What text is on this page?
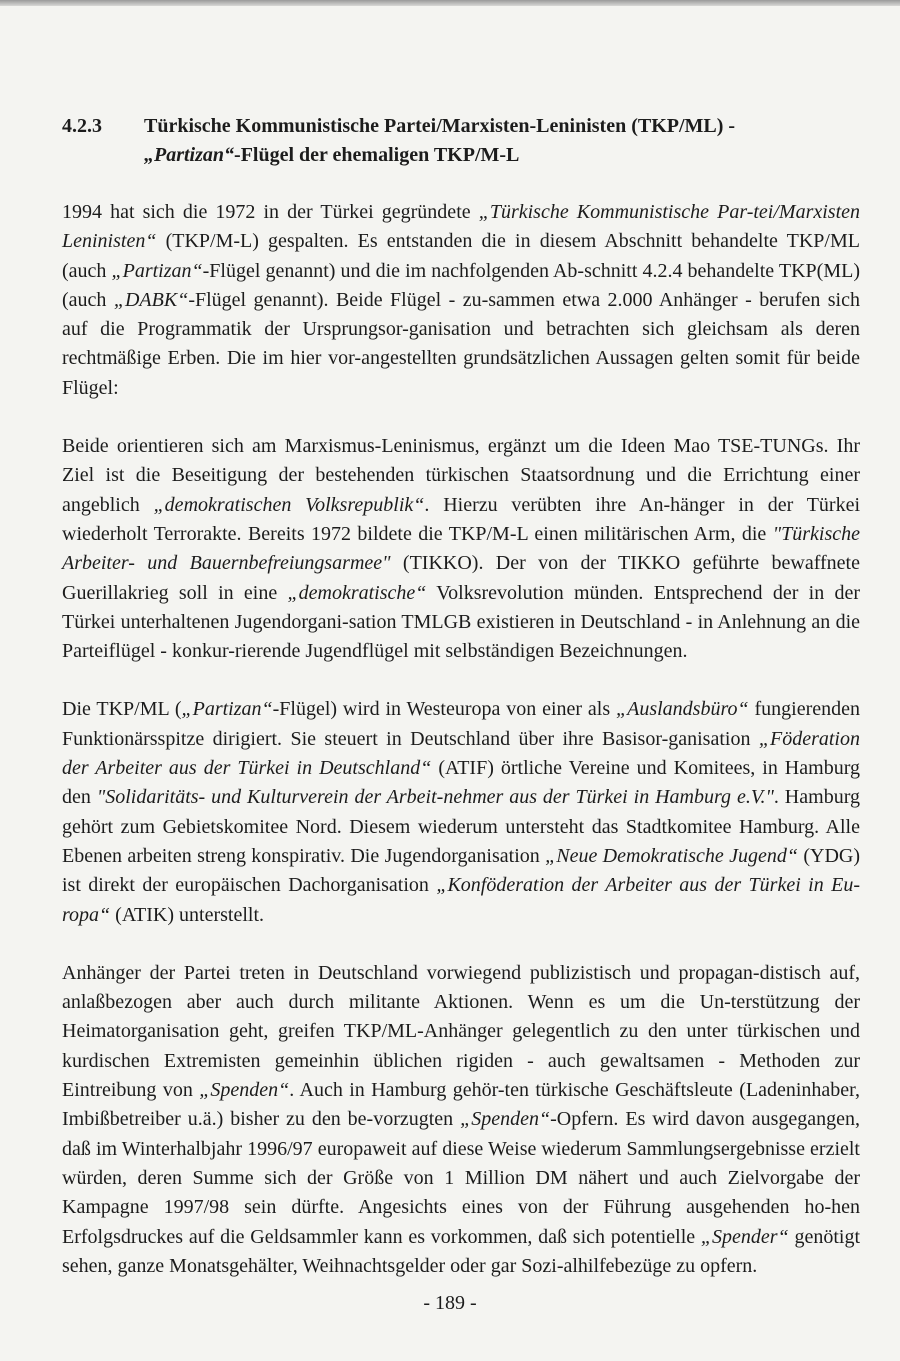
4.2.3	Türkische Kommunistische Partei/Marxisten-Leninisten (TKP/ML) -
„Partizan“-Flügel der ehemaligen TKP/M-L
1994 hat sich die 1972 in der Türkei gegründete „Türkische Kommunistische Par-tei/Marxisten Leninisten“ (TKP/M-L) gespalten. Es entstanden die in diesem Abschnitt behandelte TKP/ML (auch „Partizan“-Flügel genannt) und die im nachfolgenden Ab-schnitt 4.2.4 behandelte TKP(ML) (auch „DABK“-Flügel genannt). Beide Flügel - zu-sammen etwa 2.000 Anhänger - berufen sich auf die Programmatik der Ursprungsor-ganisation und betrachten sich gleichsam als deren rechtmäßige Erben. Die im hier vor-angestellten grundsätzlichen Aussagen gelten somit für beide Flügel:
Beide orientieren sich am Marxismus-Leninismus, ergänzt um die Ideen Mao TSE-TUNGs. Ihr Ziel ist die Beseitigung der bestehenden türkischen Staatsordnung und die Errichtung einer angeblich „demokratischen Volksrepublik“. Hierzu verübten ihre An-hänger in der Türkei wiederholt Terrorakte. Bereits 1972 bildete die TKP/M-L einen militärischen Arm, die "Türkische Arbeiter- und Bauernbefreiungsarmee" (TIKKO). Der von der TIKKO geführte bewaffnete Guerillakrieg soll in eine „demokratische“ Volksrevolution münden. Entsprechend der in der Türkei unterhaltenen Jugendorgani-sation TMLGB existieren in Deutschland - in Anlehnung an die Parteiflügel - konkur-rierende Jugendflügel mit selbständigen Bezeichnungen.
Die TKP/ML („Partizan“-Flügel) wird in Westeuropa von einer als „Auslandsbüro“ fungierenden Funktionärsspitze dirigiert. Sie steuert in Deutschland über ihre Basisor-ganisation „Föderation der Arbeiter aus der Türkei in Deutschland“ (ATIF) örtliche Vereine und Komitees, in Hamburg den "Solidaritäts- und Kulturverein der Arbeit-nehmer aus der Türkei in Hamburg e.V.". Hamburg gehört zum Gebietskomitee Nord. Diesem wiederum untersteht das Stadtkomitee Hamburg. Alle Ebenen arbeiten streng konspirativ. Die Jugendorganisation „Neue Demokratische Jugend“ (YDG) ist direkt der europäischen Dachorganisation „Konföderation der Arbeiter aus der Türkei in Eu-ropa“ (ATIK) unterstellt.
Anhänger der Partei treten in Deutschland vorwiegend publizistisch und propagan-distisch auf, anlaßbezogen aber auch durch militante Aktionen. Wenn es um die Un-terstützung der Heimatorganisation geht, greifen TKP/ML-Anhänger gelegentlich zu den unter türkischen und kurdischen Extremisten gemeinhin üblichen rigiden - auch gewaltsamen - Methoden zur Eintreibung von „Spenden“. Auch in Hamburg gehör-ten türkische Geschäftsleute (Ladeninhaber, Imbißbetreiber u.ä.) bisher zu den be-vorzugten „Spenden“-Opfern. Es wird davon ausgegangen, daß im Winterhalbjahr 1996/97 europaweit auf diese Weise wiederum Sammlungsergebnisse erzielt würden, deren Summe sich der Größe von 1 Million DM nähert und auch Zielvorgabe der Kampagne 1997/98 sein dürfte. Angesichts eines von der Führung ausgehenden ho-hen Erfolgsdruckes auf die Geldsammler kann es vorkommen, daß sich potentielle „Spender“ genötigt sehen, ganze Monatsgehälter, Weihnachtsgelder oder gar Sozi-alhilfebezüge zu opfern.
- 189 -
